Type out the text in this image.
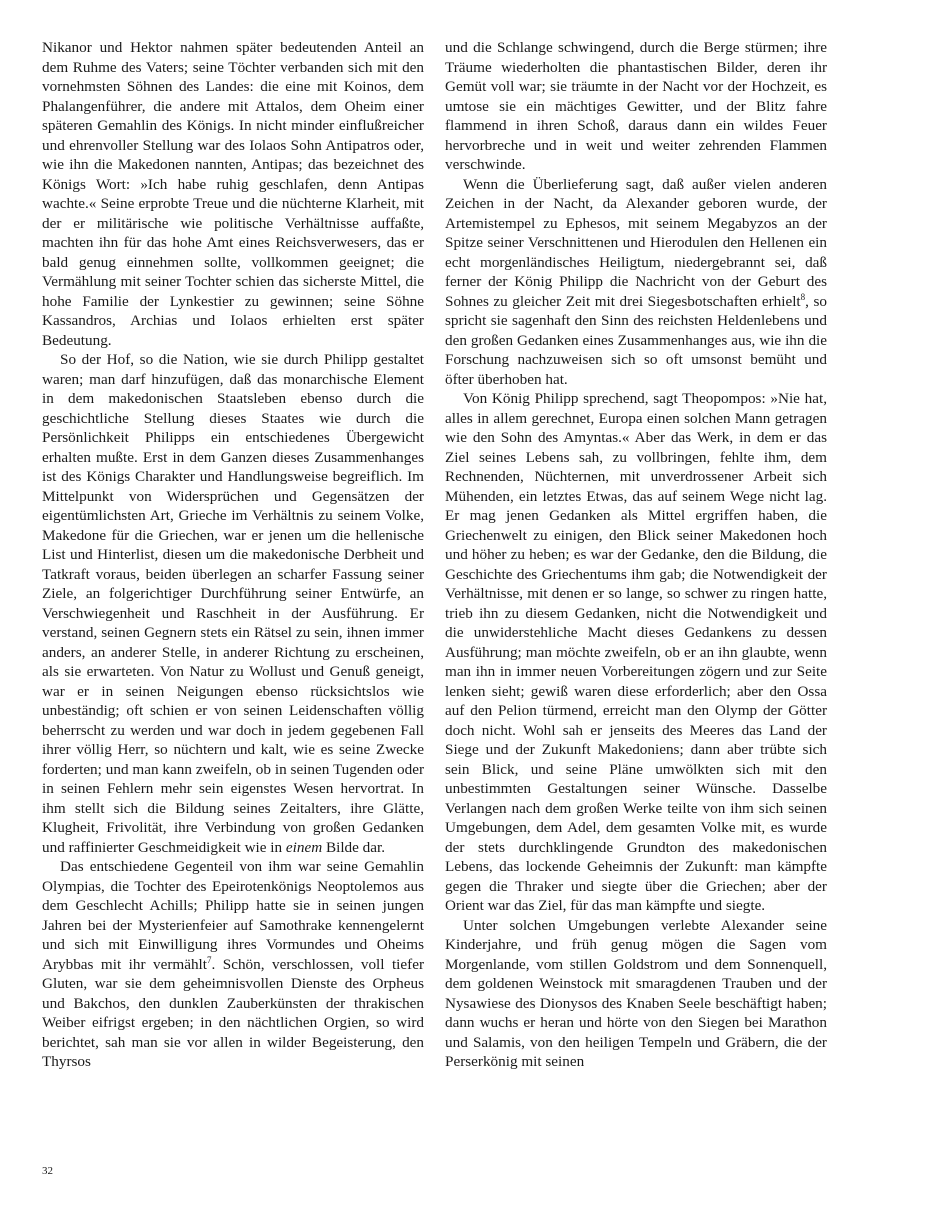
Nikanor und Hektor nahmen später bedeutenden Anteil an dem Ruhme des Vaters; seine Töchter verbanden sich mit den vornehmsten Söhnen des Landes: die eine mit Koinos, dem Phalangenführer, die andere mit Attalos, dem Oheim einer späteren Gemahlin des Königs. In nicht minder einflußreicher und ehrenvoller Stellung war des Iolaos Sohn Antipatros oder, wie ihn die Makedonen nannten, Antipas; das bezeichnet des Königs Wort: »Ich habe ruhig geschlafen, denn Antipas wachte.« Seine erprobte Treue und die nüchterne Klarheit, mit der er militärische wie politische Verhältnisse auffaßte, machten ihn für das hohe Amt eines Reichsverwesers, das er bald genug einnehmen sollte, vollkommen geeignet; die Vermählung mit seiner Tochter schien das sicherste Mittel, die hohe Familie der Lynkestier zu gewinnen; seine Söhne Kassandros, Archias und Iolaos erhielten erst später Bedeutung.

So der Hof, so die Nation, wie sie durch Philipp gestaltet waren; man darf hinzufügen, daß das monarchische Element in dem makedonischen Staatsleben ebenso durch die geschichtliche Stellung dieses Staates wie durch die Persönlichkeit Philipps ein entschiedenes Übergewicht erhalten mußte. Erst in dem Ganzen dieses Zusammenhanges ist des Königs Charakter und Handlungsweise begreiflich. Im Mittelpunkt von Widersprüchen und Gegensätzen der eigentümlichsten Art, Grieche im Verhältnis zu seinem Volke, Makedone für die Griechen, war er jenen um die hellenische List und Hinterlist, diesen um die makedonische Derbheit und Tatkraft voraus, beiden überlegen an scharfer Fassung seiner Ziele, an folgerichtiger Durchführung seiner Entwürfe, an Verschwiegenheit und Raschheit in der Ausführung. Er verstand, seinen Gegnern stets ein Rätsel zu sein, ihnen immer anders, an anderer Stelle, in anderer Richtung zu erscheinen, als sie erwarteten. Von Natur zu Wollust und Genuß geneigt, war er in seinen Neigungen ebenso rücksichtslos wie unbeständig; oft schien er von seinen Leidenschaften völlig beherrscht zu werden und war doch in jedem gegebenen Fall ihrer völlig Herr, so nüchtern und kalt, wie es seine Zwecke forderten; und man kann zweifeln, ob in seinen Tugenden oder in seinen Fehlern mehr sein eigenstes Wesen hervortrat. In ihm stellt sich die Bildung seines Zeitalters, ihre Glätte, Klugheit, Frivolität, ihre Verbindung von großen Gedanken und raffinierter Geschmeidigkeit wie in einem Bilde dar.

Das entschiedene Gegenteil von ihm war seine Gemahlin Olympias, die Tochter des Epeirotenkönigs Neoptolemos aus dem Geschlecht Achills; Philipp hatte sie in seinen jungen Jahren bei der Mysterienfeier auf Samothrake kennengelernt und sich mit Einwilligung ihres Vormundes und Oheims Arybbas mit ihr vermählt$^7$. Schön, verschlossen, voll tiefer Gluten, war sie dem geheimnisvollen Dienste des Orpheus und Bakchos, den dunklen Zauberkünsten der thrakischen Weiber eifrigst ergeben; in den nächtlichen Orgien, so wird berichtet, sah man sie vor allen in wilder Begeisterung, den Thyrsos

und die Schlange schwingend, durch die Berge stürmen; ihre Träume wiederholten die phantastischen Bilder, deren ihr Gemüt voll war; sie träumte in der Nacht vor der Hochzeit, es umtose sie ein mächtiges Gewitter, und der Blitz fahre flammend in ihren Schoß, daraus dann ein wildes Feuer hervorbreche und in weit und weiter zehrenden Flammen verschwinde.

Wenn die Überlieferung sagt, daß außer vielen anderen Zeichen in der Nacht, da Alexander geboren wurde, der Artemistempel zu Ephesos, mit seinem Megabyzos an der Spitze seiner Verschnittenen und Hierodulen den Hellenen ein echt morgenländisches Heiligtum, niedergebrannt sei, daß ferner der König Philipp die Nachricht von der Geburt des Sohnes zu gleicher Zeit mit drei Siegesbotschaften erhielt$^8$, so spricht sie sagenhaft den Sinn des reichsten Heldenlebens und den großen Gedanken eines Zusammenhanges aus, wie ihn die Forschung nachzuweisen sich so oft umsonst bemüht und öfter überhoben hat.

Von König Philipp sprechend, sagt Theopompos: »Nie hat, alles in allem gerechnet, Europa einen solchen Mann getragen wie den Sohn des Amyntas.« Aber das Werk, in dem er das Ziel seines Lebens sah, zu vollbringen, fehlte ihm, dem Rechnenden, Nüchternen, mit unverdrossener Arbeit sich Mühenden, ein letztes Etwas, das auf seinem Wege nicht lag. Er mag jenen Gedanken als Mittel ergriffen haben, die Griechenwelt zu einigen, den Blick seiner Makedonen hoch und höher zu heben; es war der Gedanke, den die Bildung, die Geschichte des Griechentums ihm gab; die Notwendigkeit der Verhältnisse, mit denen er so lange, so schwer zu ringen hatte, trieb ihn zu diesem Gedanken, nicht die Notwendigkeit und die unwiderstehliche Macht dieses Gedankens zu dessen Ausführung; man möchte zweifeln, ob er an ihn glaubte, wenn man ihn in immer neuen Vorbereitungen zögern und zur Seite lenken sieht; gewiß waren diese erforderlich; aber den Ossa auf den Pelion türmend, erreicht man den Olymp der Götter doch nicht. Wohl sah er jenseits des Meeres das Land der Siege und der Zukunft Makedoniens; dann aber trübte sich sein Blick, und seine Pläne umwölkten sich mit den unbestimmten Gestaltungen seiner Wünsche. Dasselbe Verlangen nach dem großen Werke teilte von ihm sich seinen Umgebungen, dem Adel, dem gesamten Volke mit, es wurde der stets durchklingende Grundton des makedonischen Lebens, das lockende Geheimnis der Zukunft: man kämpfte gegen die Thraker und siegte über die Griechen; aber der Orient war das Ziel, für das man kämpfte und siegte.

Unter solchen Umgebungen verlebte Alexander seine Kinderjahre, und früh genug mögen die Sagen vom Morgenlande, vom stillen Goldstrom und dem Sonnenquell, dem goldenen Weinstock mit smaragdenen Trauben und der Nysawiese des Dionysos des Knaben Seele beschäftigt haben; dann wuchs er heran und hörte von den Siegen bei Marathon und Salamis, von den heiligen Tempeln und Gräbern, die der Perserkönig mit seinen

32
